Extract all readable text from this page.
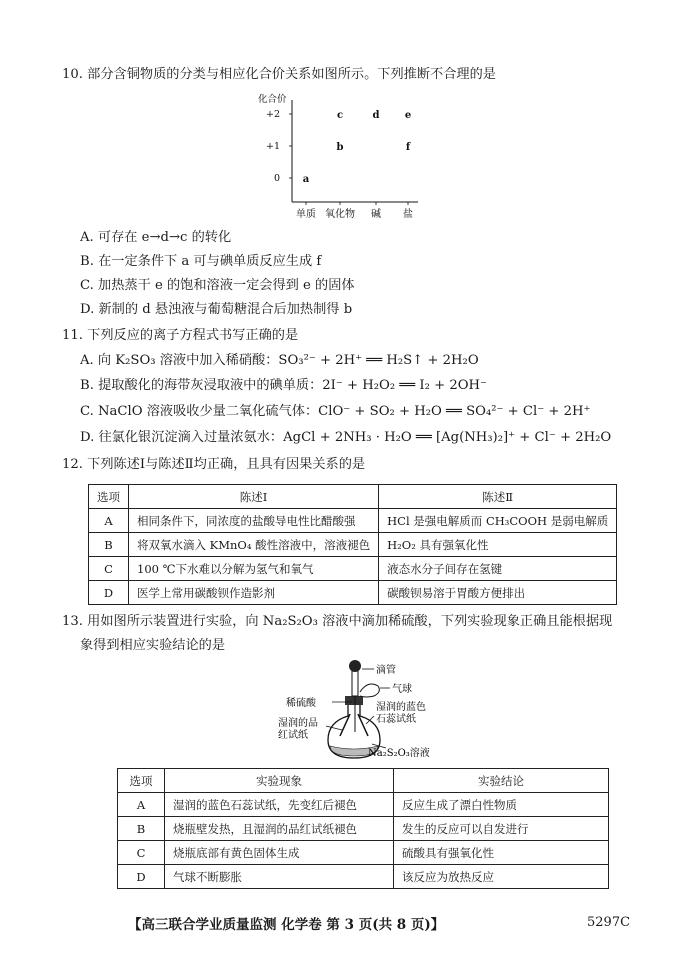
10. 部分含铜物质的分类与相应化合价关系如图所示。下列推断不合理的是
化合价
+2
+1
0
单质 氧化物 碱 盐
a
b
c	d	e
f
A. 可存在 e→d→c 的转化
B. 在一定条件下 a 可与碘单质反应生成 f
C. 加热蒸干 e 的饱和溶液一定会得到 e 的固体
D. 新制的 d 悬浊液与葡萄糖混合后加热制得 b
11. 下列反应的离子方程式书写正确的是
A. 向 K₂SO₃ 溶液中加入稀硝酸：SO₃²⁻ + 2H⁺ ══ H₂S↑ + 2H₂O
B. 提取酸化的海带灰浸取液中的碘单质：2I⁻ + H₂O₂ ══ I₂ + 2OH⁻
C. NaClO 溶液吸收少量二氧化硫气体：ClO⁻ + SO₂ + H₂O ══ SO₄²⁻ + Cl⁻ + 2H⁺
D. 往氯化银沉淀滴入过量浓氨水：AgCl + 2NH₃ · H₂O ══ [Ag(NH₃)₂]⁺ + Cl⁻ + 2H₂O
12. 下列陈述Ⅰ与陈述Ⅱ均正确，且具有因果关系的是
选项	陈述Ⅰ	陈述Ⅱ
A	相同条件下，同浓度的盐酸导电性比醋酸强	HCl 是强电解质而 CH₃COOH 是弱电解质
B	将双氧水滴入 KMnO₄ 酸性溶液中，溶液褪色	H₂O₂ 具有强氧化性
C	100 ℃下水难以分解为氢气和氧气	液态水分子间存在氢键
D	医学上常用碳酸钡作造影剂	碳酸钡易溶于胃酸方便排出
13. 用如图所示装置进行实验，向 Na₂S₂O₃ 溶液中滴加稀硫酸，下列实验现象正确且能根据现
象得到相应实验结论的是
滴管
气球
稀硫酸	湿润的蓝色
石蕊试纸
湿润的品
红试纸
Na₂S₂O₃溶液
选项	实验现象	实验结论
A	湿润的蓝色石蕊试纸，先变红后褪色	反应生成了漂白性物质
B	烧瓶壁发热，且湿润的品红试纸褪色	发生的反应可以自发进行
C	烧瓶底部有黄色固体生成	硫酸具有强氧化性
D	气球不断膨胀	该反应为放热反应
【高三联合学业质量监测 化学卷 第 3 页(共 8 页)】	5297C
